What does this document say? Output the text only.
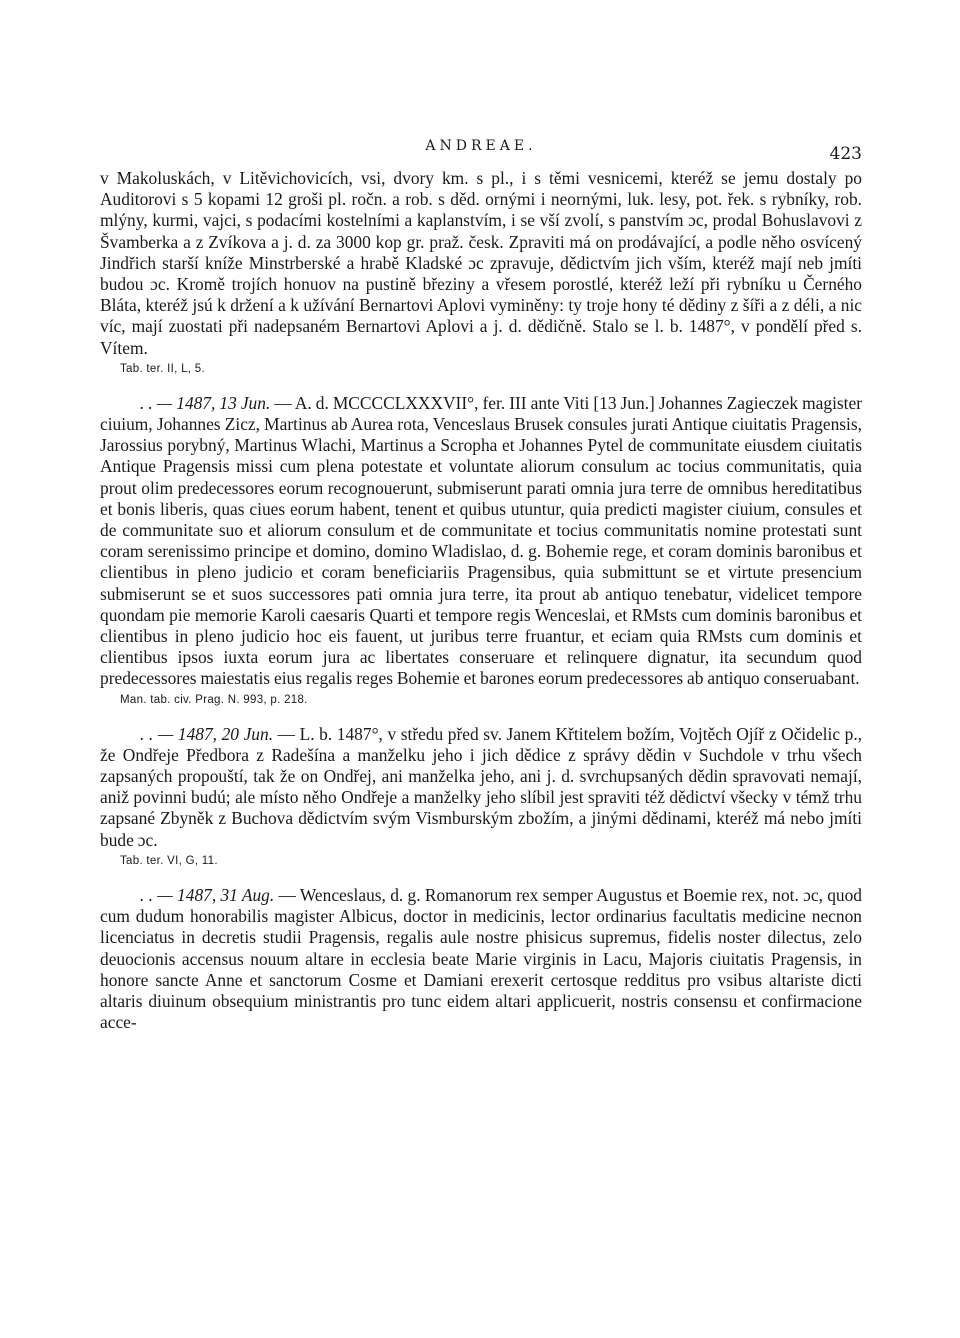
ANDREAE.	423

v Makoluskách, v Litěvichovicích, vsi, dvory km. s pl., i s těmi vesnicemi, kteréž se jemu dostaly po Auditorovi s 5 kopami 12 groši pl. ročn. a rob. s děd. ornými i neornými, luk. lesy, pot. řek. s rybníky, rob. mlýny, kurmi, vajci, s podacími kostelními a kaplanstvím, i se vší zvolí, s panstvím ɔc, prodal Bohuslavovi z Švamberka a z Zvíkova a j. d. za 3000 kop gr. praž. česk. Zpraviti má on prodávající, a podle něho osvícený Jindřich starší kníže Minstrberské a hrabě Kladské ɔc zpravuje, dědictvím jich vším, kteréž mají neb jmíti budou ɔc. Kromě trojích honuov na pustině březiny a vřesem porostlé, kteréž leží při rybníku u Černého Bláta, kteréž jsú k držení a k užívání Bernartovi Aplovi vyminěny: ty troje hony té dědiny z šíři a z déli, a nic víc, mají zuostati při nadepsaném Bernartovi Aplovi a j. d. dědičně. Stalo se l. b. 1487°, v pondělí před s. Vítem.

Tab. ter. II, L, 5.

. . — 1487, 13 Jun. — A. d. MCCCCLXXXVII°, fer. III ante Viti [13 Jun.] Johannes Zagieczek magister ciuium, Johannes Zicz, Martinus ab Aurea rota, Venceslaus Brusek consules jurati Antique ciuitatis Pragensis, Jarossius porybný, Martinus Wlachi, Martinus a Scropha et Johannes Pytel de communitate eiusdem ciuitatis Antique Pragensis missi cum plena potestate et voluntate aliorum consulum ac tocius communitatis, quia prout olim predecessores eorum recognouerunt, submiserunt parati omnia jura terre de omnibus hereditatibus et bonis liberis, quas ciues eorum habent, tenent et quibus utuntur, quia predicti magister ciuium, consules et de communitate suo et aliorum consulum et de communitate et tocius communitatis nomine protestati sunt coram serenissimo principe et domino, domino Wladislao, d. g. Bohemie rege, et coram dominis baronibus et clientibus in pleno judicio et coram beneficiariis Pragensibus, quia submittunt se et virtute presencium submiserunt se et suos successores pati omnia jura terre, ita prout ab antiquo tenebatur, videlicet tempore quondam pie memorie Karoli caesaris Quarti et tempore regis Wenceslai, et RMsts cum dominis baronibus et clientibus in pleno judicio hoc eis fauent, ut juribus terre fruantur, et eciam quia RMsts cum dominis et clientibus ipsos iuxta eorum jura ac libertates conseruare et relinquere dignatur, ita secundum quod predecessores maiestatis eius regalis reges Bohemie et barones eorum predecessores ab antiquo conseruabant.

Man. tab. civ. Prag. N. 993, p. 218.

. . — 1487, 20 Jun. — L. b. 1487°, v středu před sv. Janem Křtitelem božím, Vojtěch Ojíř z Očidelic p., že Ondřeje Předbora z Radešína a manželku jeho i jich dědice z správy dědin v Suchdole v trhu všech zapsaných propouští, tak že on Ondřej, ani manželka jeho, ani j. d. svrchupsaných dědin spravovati nemají, aniž povinni budú; ale místo něho Ondřeje a manželky jeho slíbil jest spraviti též dědictví všecky v témž trhu zapsané Zbyněk z Buchova dědictvím svým Vismburským zbožím, a jinými dědinami, kteréž má nebo jmíti bude ɔc.

Tab. ter. VI, G, 11.

. . — 1487, 31 Aug. — Wenceslaus, d. g. Romanorum rex semper Augustus et Boemie rex, not. ɔc, quod cum dudum honorabilis magister Albicus, doctor in medicinis, lector ordinarius facultatis medicine necnon licenciatus in decretis studii Pragensis, regalis aule nostre phisicus supremus, fidelis noster dilectus, zelo deuocionis accensus nouum altare in ecclesia beate Marie virginis in Lacu, Majoris ciuitatis Pragensis, in honore sancte Anne et sanctorum Cosme et Damiani erexerit certosque redditus pro vsibus altariste dicti altaris diuinum obsequium ministrantis pro tunc eidem altari applicuerit, nostris consensu et confirmacione acce-
